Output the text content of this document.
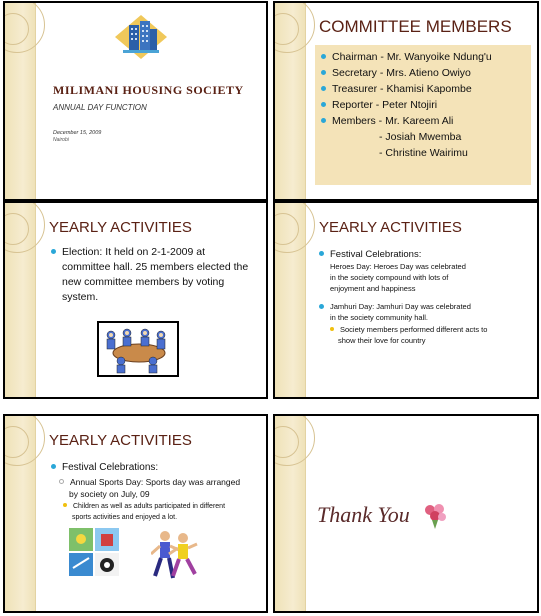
MILIMANI HOUSING SOCIETY
ANNUAL DAY FUNCTION
December 15, 2009
Nairobi
COMMITTEE MEMBERS
Chairman - Mr. Wanyoike Ndung'u
Secretary - Mrs. Atieno Owiyo
Treasurer - Khamisi Kapombe
Reporter - Peter Ntojiri
Members - Mr. Kareem Ali
- Josiah Mwemba
- Christine Wairimu
YEARLY ACTIVITIES
Election: It held on 2-1-2009 at
committee hall. 25 members elected the
new committee members by voting
system.
YEARLY ACTIVITIES
Festival Celebrations:
Heroes Day: Heroes Day was celebrated
in the society compound with lots of
enjoyment and happiness
Jamhuri Day: Jamhuri Day was celebrated
in the society community hall.
Society members performed different acts to
show their love for country
YEARLY ACTIVITIES
Festival Celebrations:
Annual Sports Day: Sports day was arranged
by society on July, 09
Children as well as adults participated in different
sports activities and enjoyed a lot.	Thank You
